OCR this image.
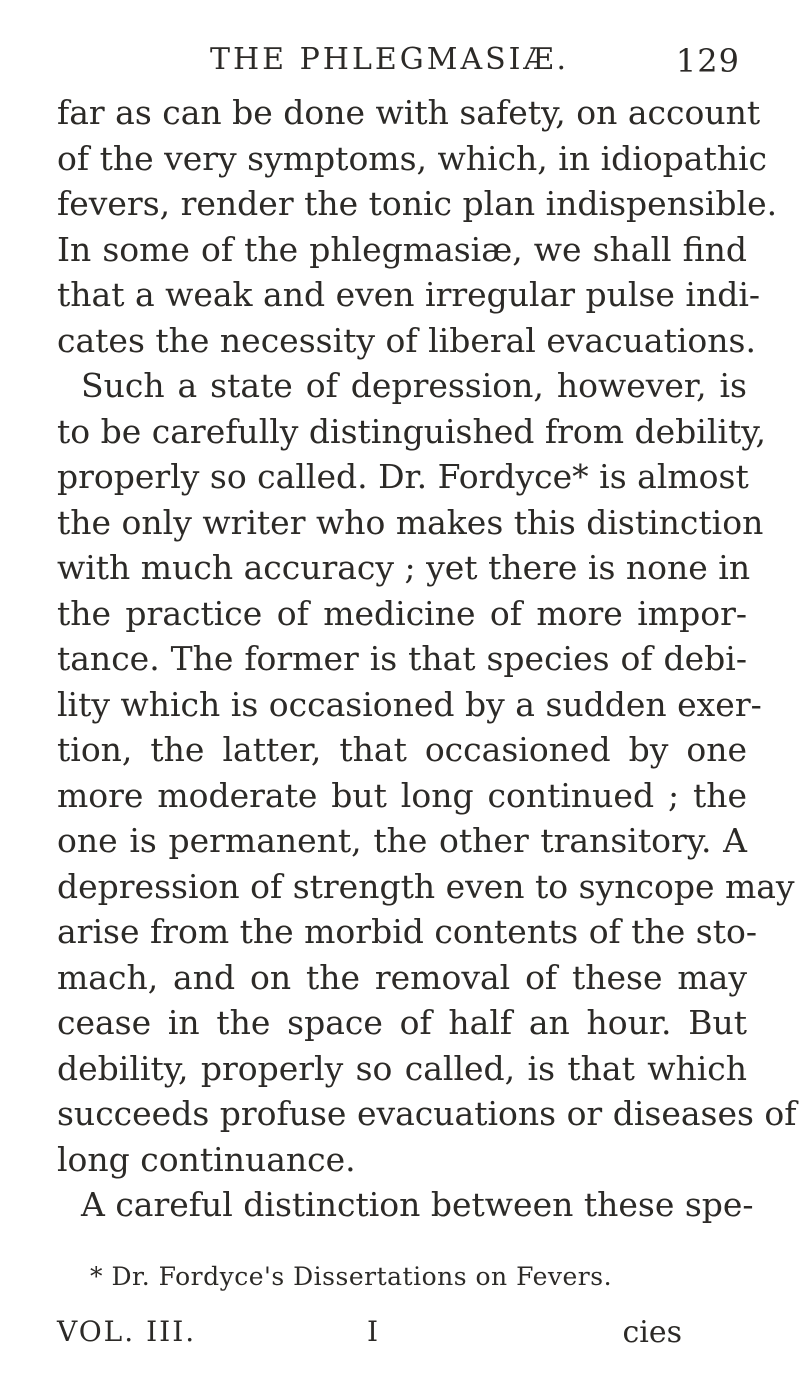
THE PHLEGMASIÆ.	129
far as can be done with safety, on account
of the very symptoms, which, in idiopathic
fevers, render the tonic plan indispensible.
In some of the phlegmasiæ, we shall find
that a weak and even irregular pulse indi-
cates the necessity of liberal evacuations.
Such a state of depression, however, is
to be carefully distinguished from debility,
properly so called. Dr. Fordyce* is almost
the only writer who makes this distinction
with much accuracy ; yet there is none in
the practice of medicine of more impor-
tance. The former is that species of debi-
lity which is occasioned by a sudden exer-
tion, the latter, that occasioned by one
more moderate but long continued ; the
one is permanent, the other transitory. A
depression of strength even to syncope may
arise from the morbid contents of the sto-
mach, and on the removal of these may
cease in the space of half an hour. But
debility, properly so called, is that which
succeeds profuse evacuations or diseases of
long continuance.
A careful distinction between these spe-
* Dr. Fordyce's Dissertations on Fevers.
VOL. III.	I	cies
